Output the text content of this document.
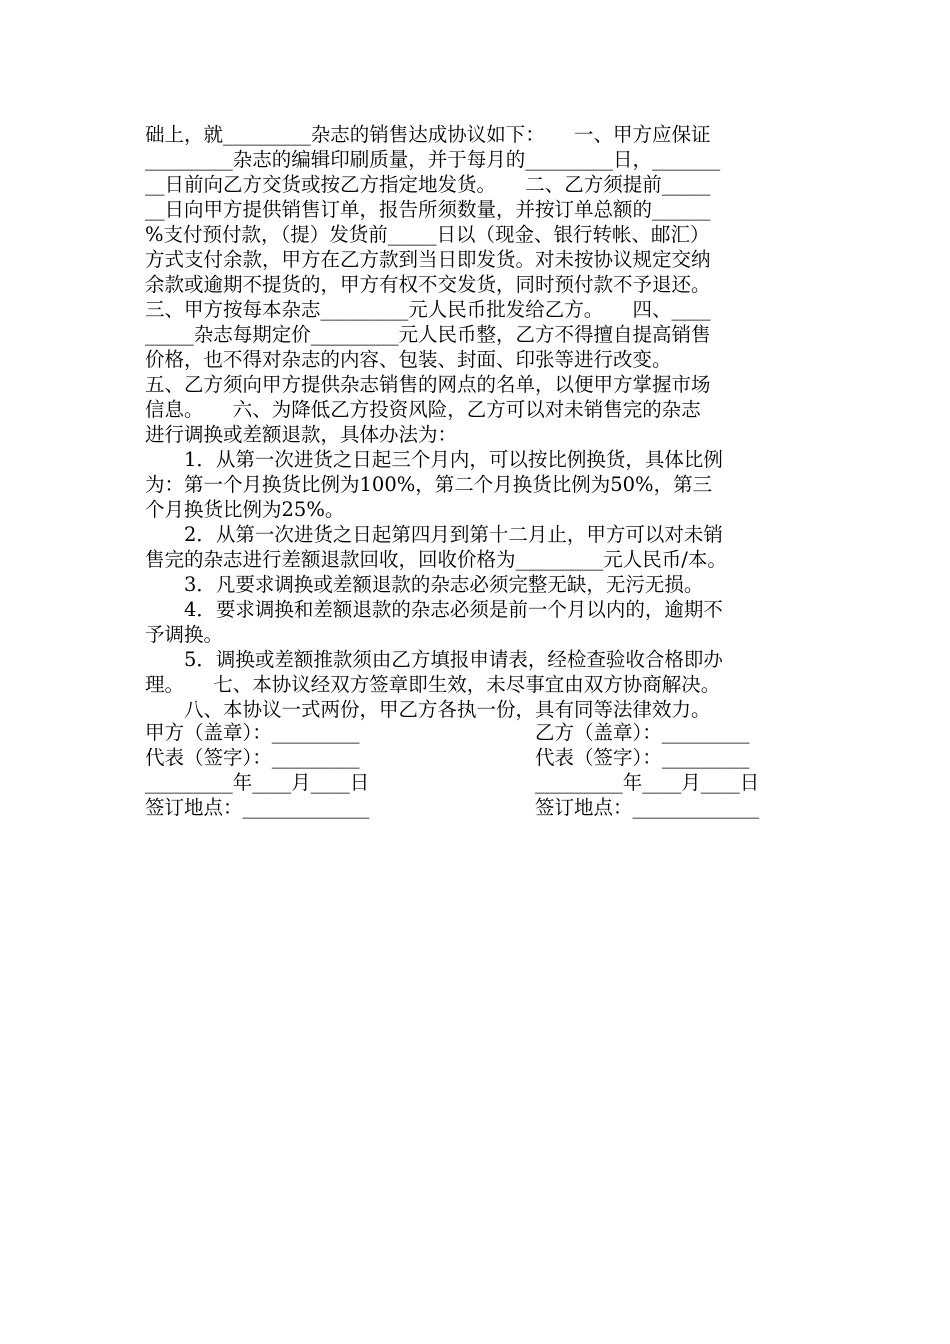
础上，就_________杂志的销售达成协议如下：　　一、甲方应保证
_________杂志的编辑印刷质量，并于每月的_________日，_______
__日前向乙方交货或按乙方指定地发货。　　二、乙方须提前_____
__日向甲方提供销售订单，报告所须数量，并按订单总额的______
%支付预付款，（提）发货前_____日以（现金、银行转帐、邮汇）
方式支付余款，甲方在乙方款到当日即发货。对未按协议规定交纳
余款或逾期不提货的，甲方有权不交发货，同时预付款不予退还。
三、甲方按每本杂志_________元人民币批发给乙方。　　四、____
_____杂志每期定价_________元人民币整，乙方不得擅自提高销售
价格，也不得对杂志的内容、包装、封面、印张等进行改变。
五、乙方须向甲方提供杂志销售的网点的名单，以便甲方掌握市场
信息。　　六、为降低乙方投资风险，乙方可以对未销售完的杂志
进行调换或差额退款，具体办法为：
　　1．从第一次进货之日起三个月内，可以按比例换货，具体比例
为：第一个月换货比例为100%，第二个月换货比例为50%，第三
个月换货比例为25%。
　　2．从第一次进货之日起第四月到第十二月止，甲方可以对未销
售完的杂志进行差额退款回收，回收价格为_________元人民币/本。
　　3．凡要求调换或差额退款的杂志必须完整无缺，无污无损。
　　4．要求调换和差额退款的杂志必须是前一个月以内的，逾期不
予调换。
　　5．调换或差额推款须由乙方填报申请表，经检查验收合格即办
理。　　七、本协议经双方签章即生效，未尽事宜由双方协商解决。
　　八、本协议一式两份，甲乙方各执一份，具有同等法律效力。
甲方（盖章）：_________	乙方（盖章）：_________
代表（签字）：_________	代表（签字）：_________
_________年____月____日	_________年____月____日
签订地点：_____________	签订地点：_____________
